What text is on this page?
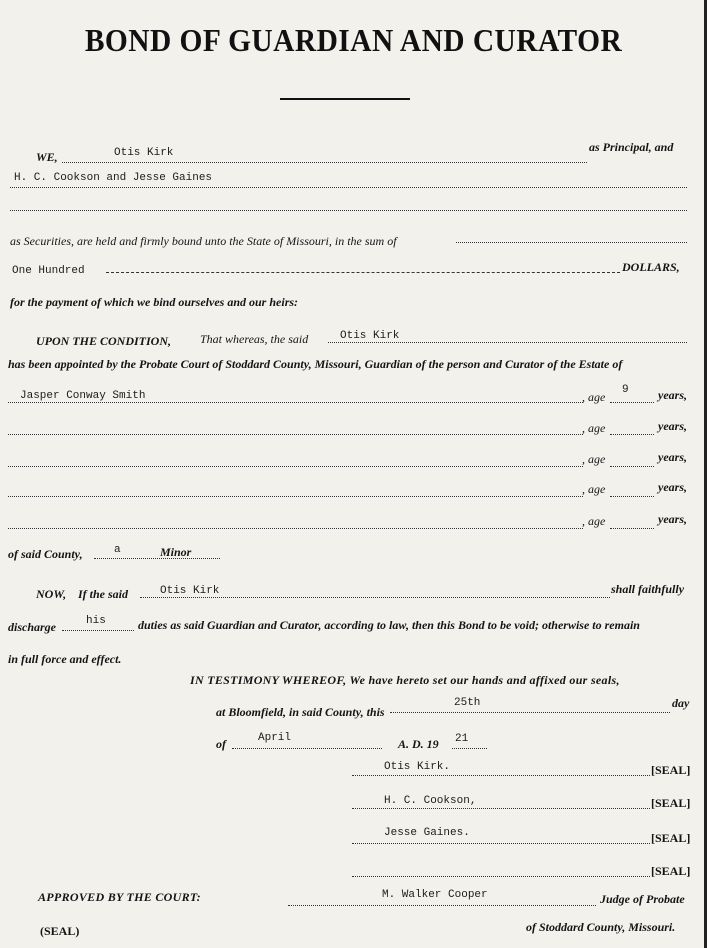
BOND OF GUARDIAN AND CURATOR
WE,	Otis Kirk	as Principal, and
H. C. Cookson and Jesse Gaines
as Securities, are held and firmly bound unto the State of Missouri, in the sum of
One Hundred	DOLLARS,
for the payment of which we bind ourselves and our heirs:
UPON THE CONDITION, That whereas, the said	Otis Kirk
has been appointed by the Probate Court of Stoddard County, Missouri, Guardian of the person and Curator of the Estate of
Jasper Conway Smith	, age 9 years,
, age	years,
, age	years,
, age	years,
, age	years,
of said County,	a	Minor
NOW, If the said	Otis Kirk	shall faithfully
discharge	his	duties as said Guardian and Curator, according to law, then this Bond to be void; otherwise to remain
in full force and effect.
IN TESTIMONY WHEREOF, We have hereto set our hands and affixed our seals,
at Bloomfield, in said County, this
25th	day
of	April	A. D. 19 21
Otis Kirk.	[SEAL]
H. C. Cookson,	[SEAL]
Jesse Gaines.	[SEAL]
[SEAL]
APPROVED BY THE COURT:	M. Walker Cooper	Judge of Probate
of Stoddard County, Missouri.
(SEAL)
